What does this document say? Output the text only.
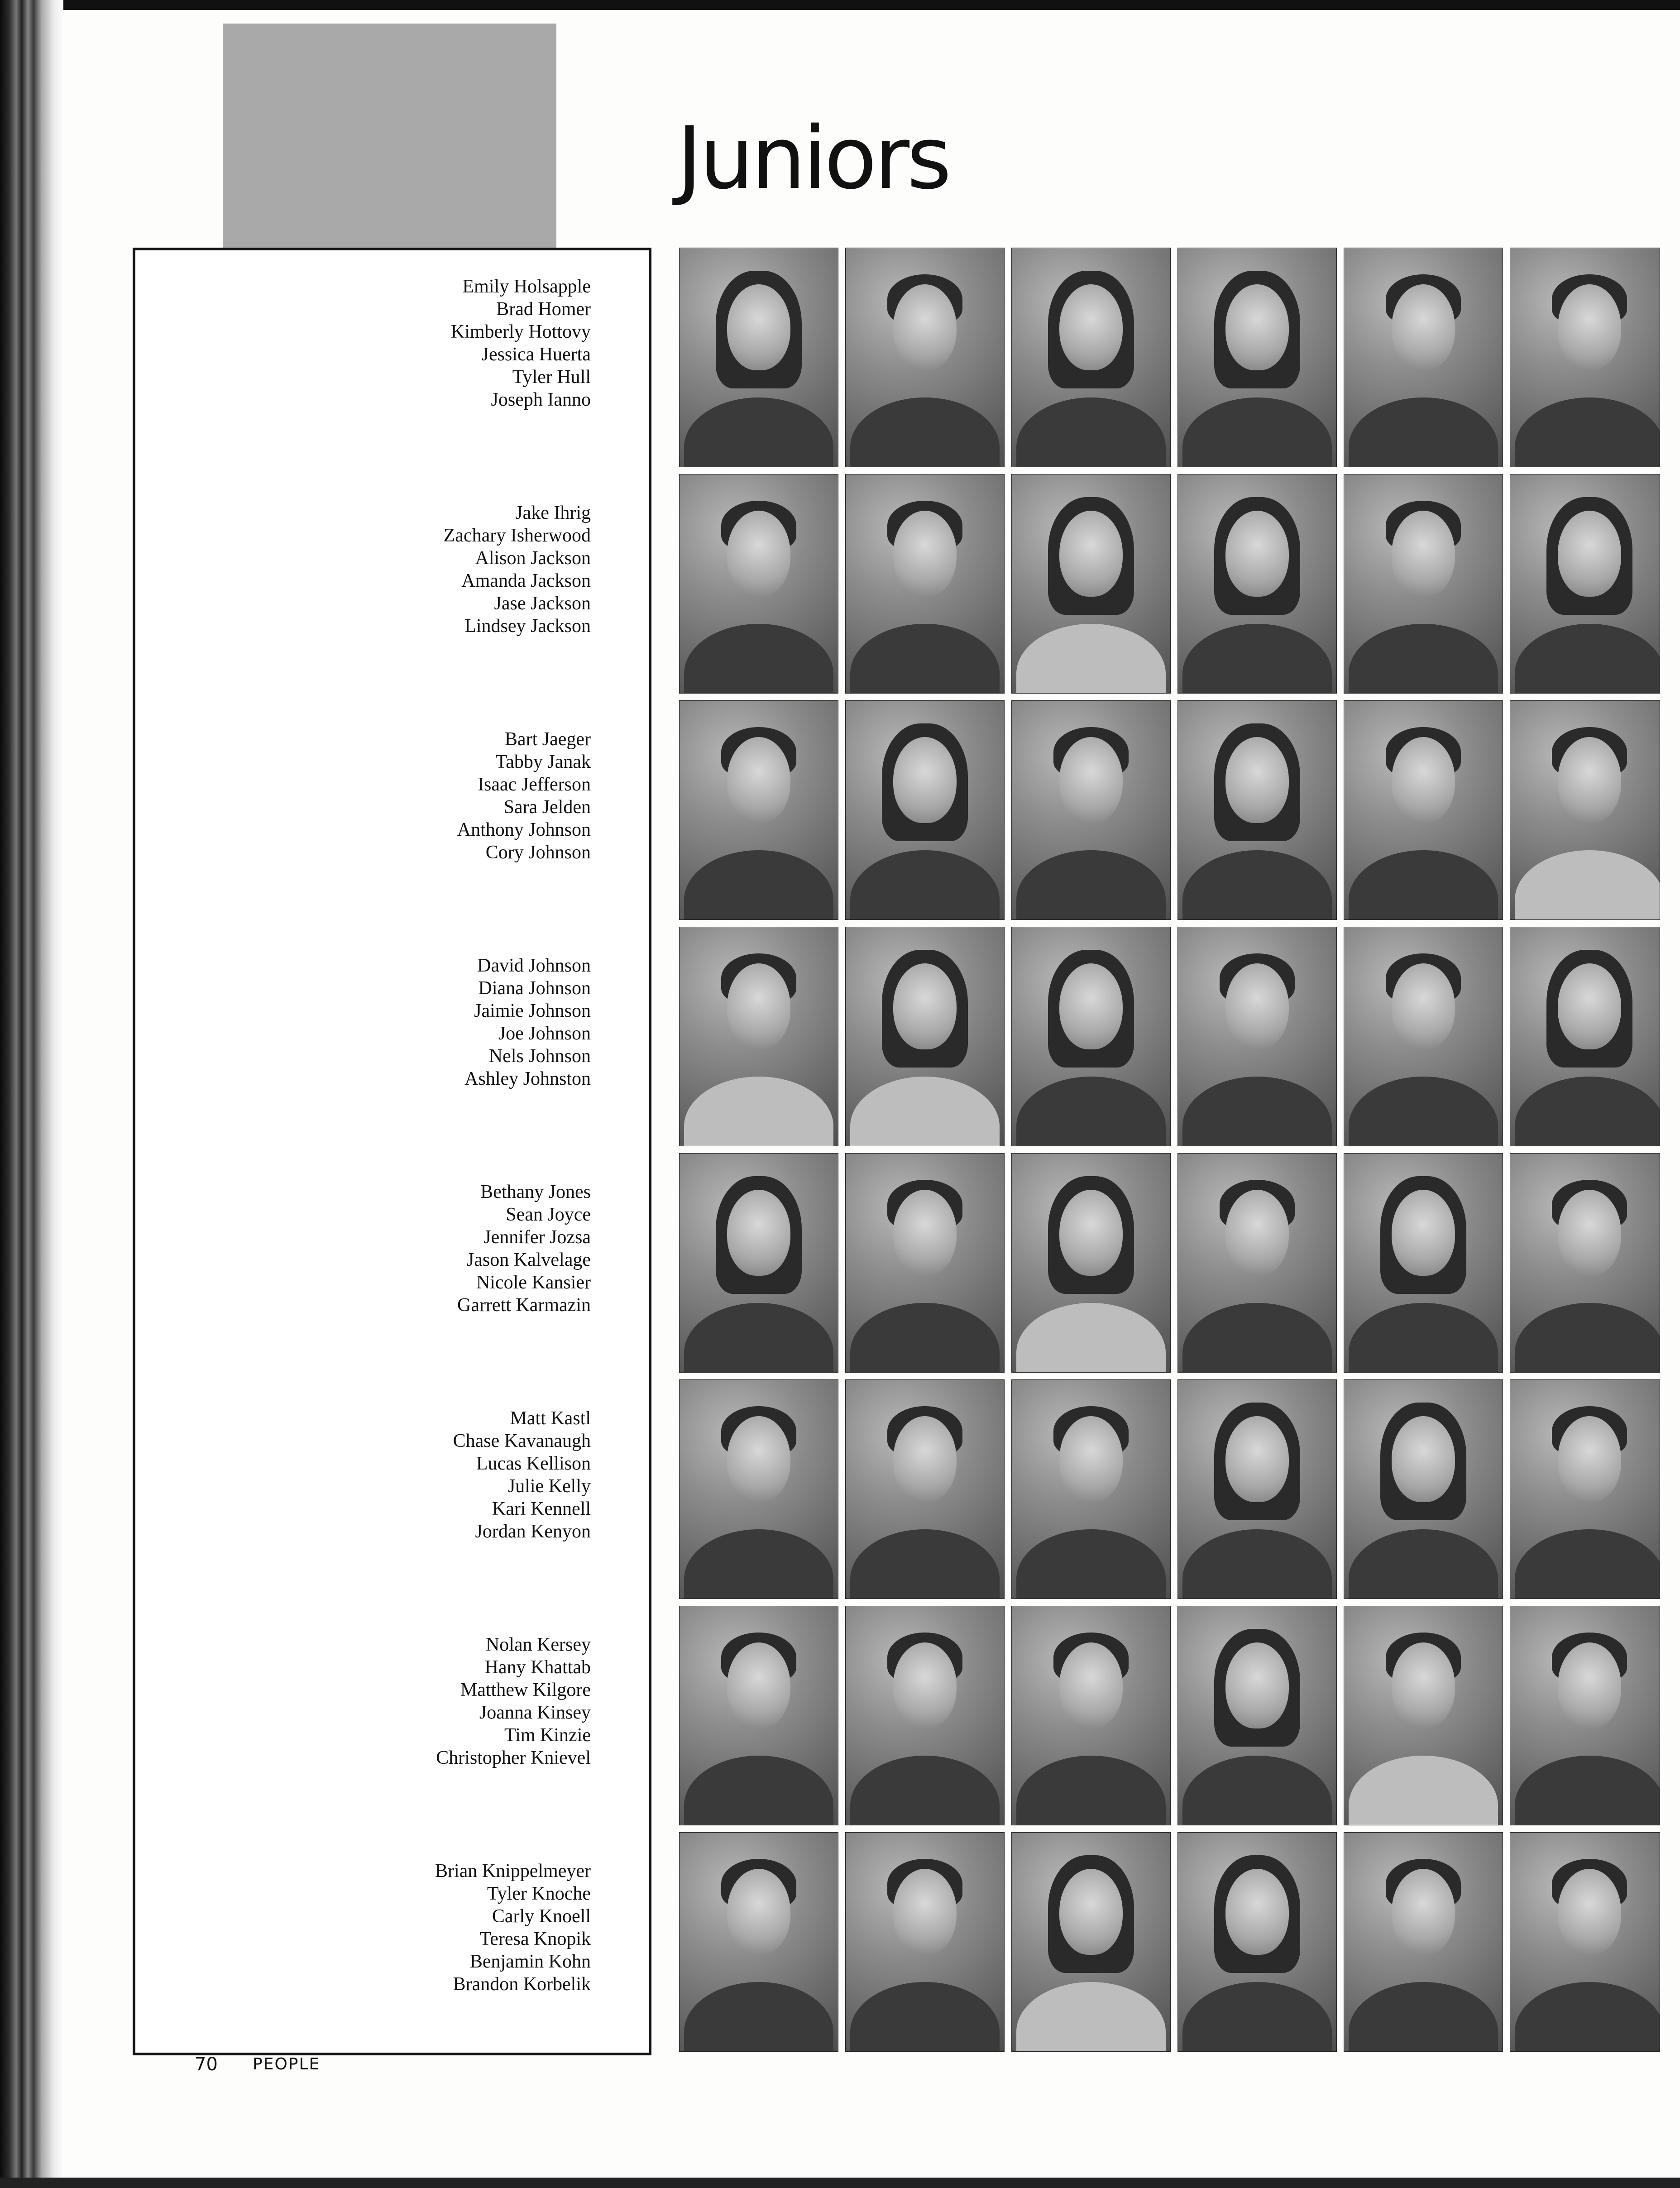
Juniors
Emily Holsapple
Brad Homer
Kimberly Hottovy
Jessica Huerta
Tyler Hull
Joseph Ianno
Jake Ihrig
Zachary Isherwood
Alison Jackson
Amanda Jackson
Jase Jackson
Lindsey Jackson
Bart Jaeger
Tabby Janak
Isaac Jefferson
Sara Jelden
Anthony Johnson
Cory Johnson
David Johnson
Diana Johnson
Jaimie Johnson
Joe Johnson
Nels Johnson
Ashley Johnston
Bethany Jones
Sean Joyce
Jennifer Jozsa
Jason Kalvelage
Nicole Kansier
Garrett Karmazin
Matt Kastl
Chase Kavanaugh
Lucas Kellison
Julie Kelly
Kari Kennell
Jordan Kenyon
Nolan Kersey
Hany Khattab
Matthew Kilgore
Joanna Kinsey
Tim Kinzie
Christopher Knievel
Brian Knippelmeyer
Tyler Knoche
Carly Knoell
Teresa Knopik
Benjamin Kohn
Brandon Korbelik
70 PEOPLE
